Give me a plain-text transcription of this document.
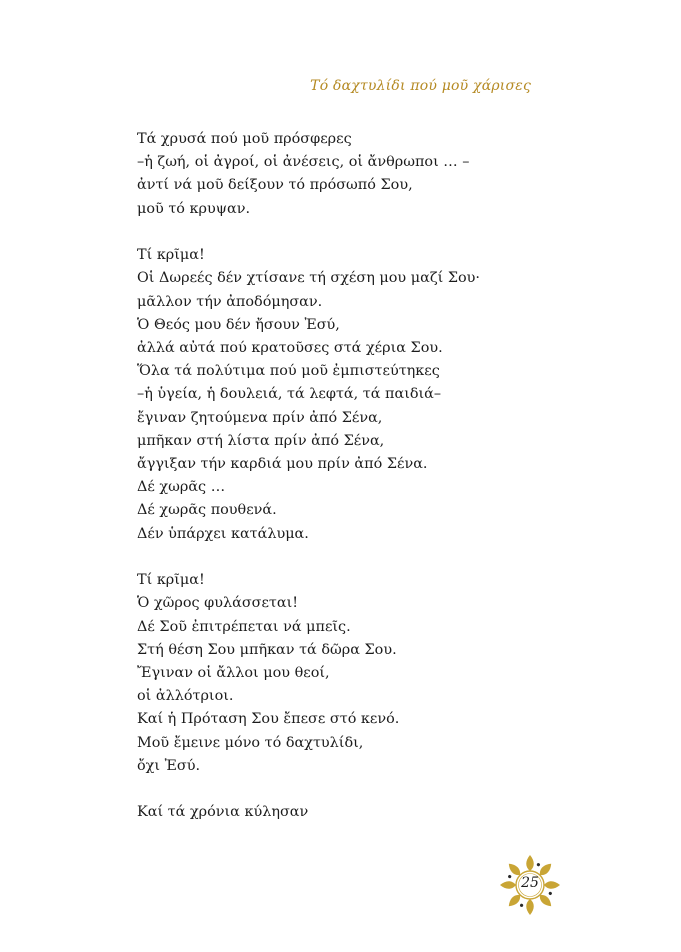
Τό δαχτυλίδι πού μοῦ χάρισες
Τά χρυσά πού μοῦ πρόσφερες
–ἡ ζωή, οἱ ἀγροί, οἱ ἀνέσεις, οἱ ἄνθρωποι … –
ἀντί νά μοῦ δείξουν τό πρόσωπό Σου,
μοῦ τό κρυψαν.
Τί κρῖμα!
Οἱ Δωρεές δέν χτίσανε τή σχέση μου μαζί Σου·
μᾶλλον τήν ἀποδόμησαν.
Ὁ Θεός μου δέν ἤσουν Ἐσύ,
ἀλλά αὐτά πού κρατοῦσες στά χέρια Σου.
Ὅλα τά πολύτιμα πού μοῦ ἐμπιστεύτηκες
–ἡ ὑγεία, ἡ δουλειά, τά λεφτά, τά παιδιά–
ἔγιναν ζητούμενα πρίν ἀπό Σένα,
μπῆκαν στή λίστα πρίν ἀπό Σένα,
ἄγγιξαν τήν καρδιά μου πρίν ἀπό Σένα.
Δέ χωρᾶς …
Δέ χωρᾶς πουθενά.
Δέν ὑπάρχει κατάλυμα.
Τί κρῖμα!
Ὁ χῶρος φυλάσσεται!
Δέ Σοῦ ἐπιτρέπεται νά μπεῖς.
Στή θέση Σου μπῆκαν τά δῶρα Σου.
Ἔγιναν οἱ ἄλλοι μου θεοί,
οἱ ἀλλότριοι.
Καί ἡ Πρόταση Σου ἔπεσε στό κενό.
Μοῦ ἔμεινε μόνο τό δαχτυλίδι,
ὄχι Ἐσύ.
Καί τά χρόνια κύλησαν
25
